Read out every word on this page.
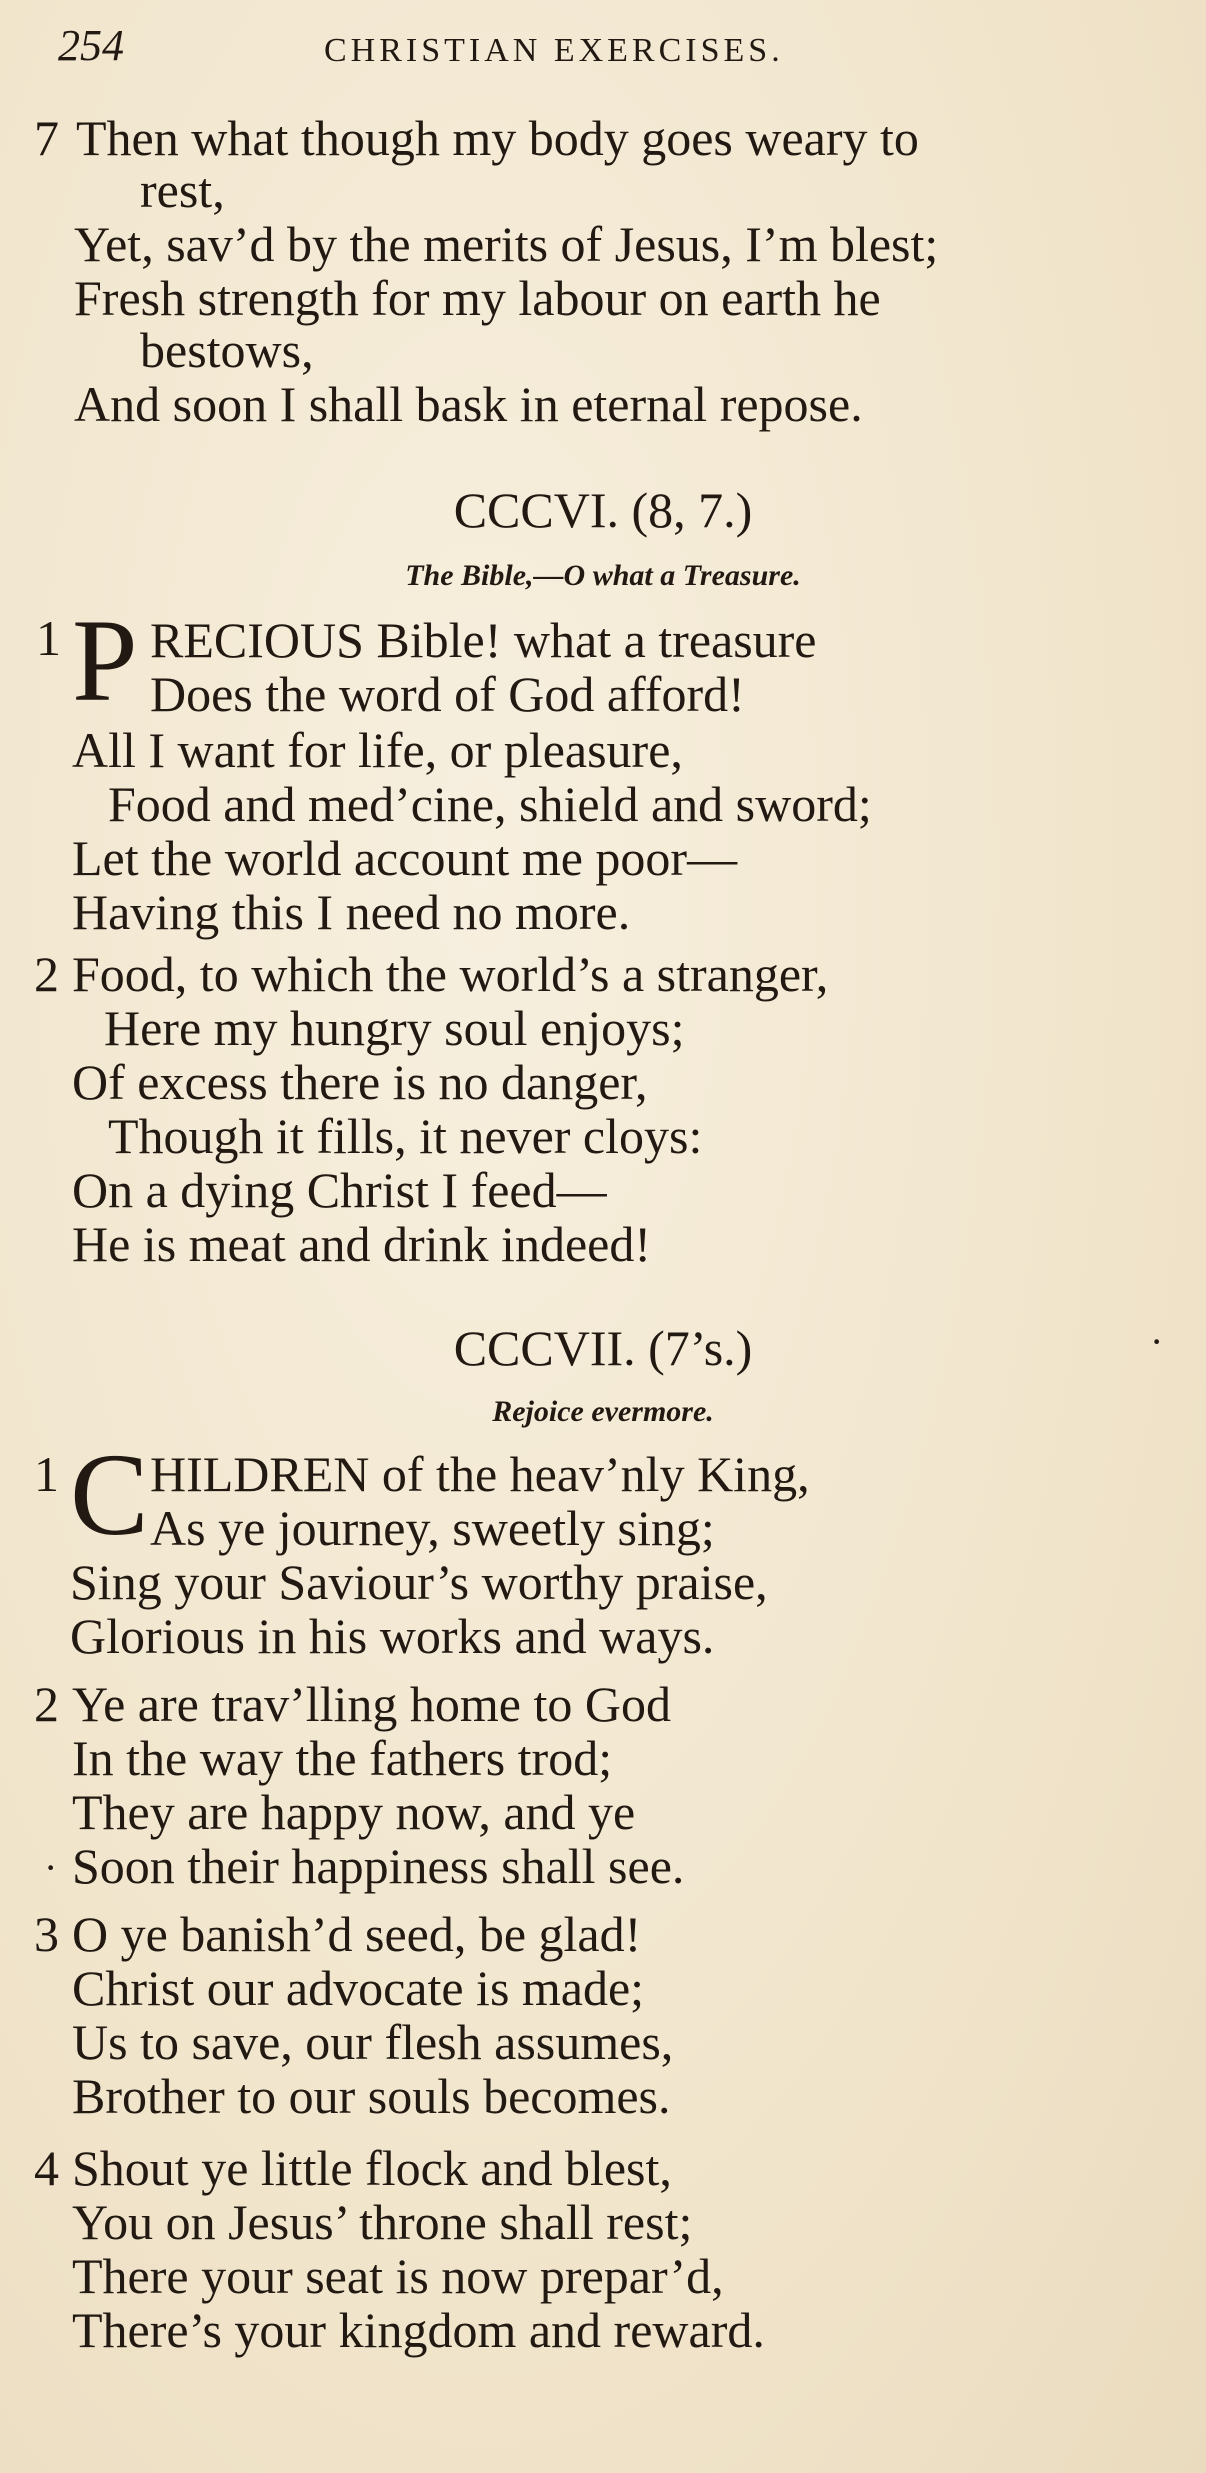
254	CHRISTIAN EXERCISES.
7 Then what though my body goes weary to
rest,
Yet, sav’d by the merits of Jesus, I’m blest;
Fresh strength for my labour on earth he
bestows,
And soon I shall bask in eternal repose.
CCCVI. (8, 7.)
The Bible,—O what a Treasure.
1 P RECIOUS Bible! what a treasure
Does the word of God afford!
All I want for life, or pleasure,
Food and med’cine, shield and sword;
Let the world account me poor—
Having this I need no more.
2 Food, to which the world’s a stranger,
Here my hungry soul enjoys;
Of excess there is no danger,
Though it fills, it never cloys:
On a dying Christ I feed—
He is meat and drink indeed!
CCCVII. (7’s.)
Rejoice evermore.
1 C HILDREN of the heav’nly King,
As ye journey, sweetly sing;
Sing your Saviour’s worthy praise,
Glorious in his works and ways.
2 Ye are trav’lling home to God
In the way the fathers trod;
They are happy now, and ye
· Soon their happiness shall see.
3 O ye banish’d seed, be glad!
Christ our advocate is made;
Us to save, our flesh assumes,
Brother to our souls becomes.
4 Shout ye little flock and blest,
You on Jesus’ throne shall rest;
There your seat is now prepar’d,
There’s your kingdom and reward.
·
